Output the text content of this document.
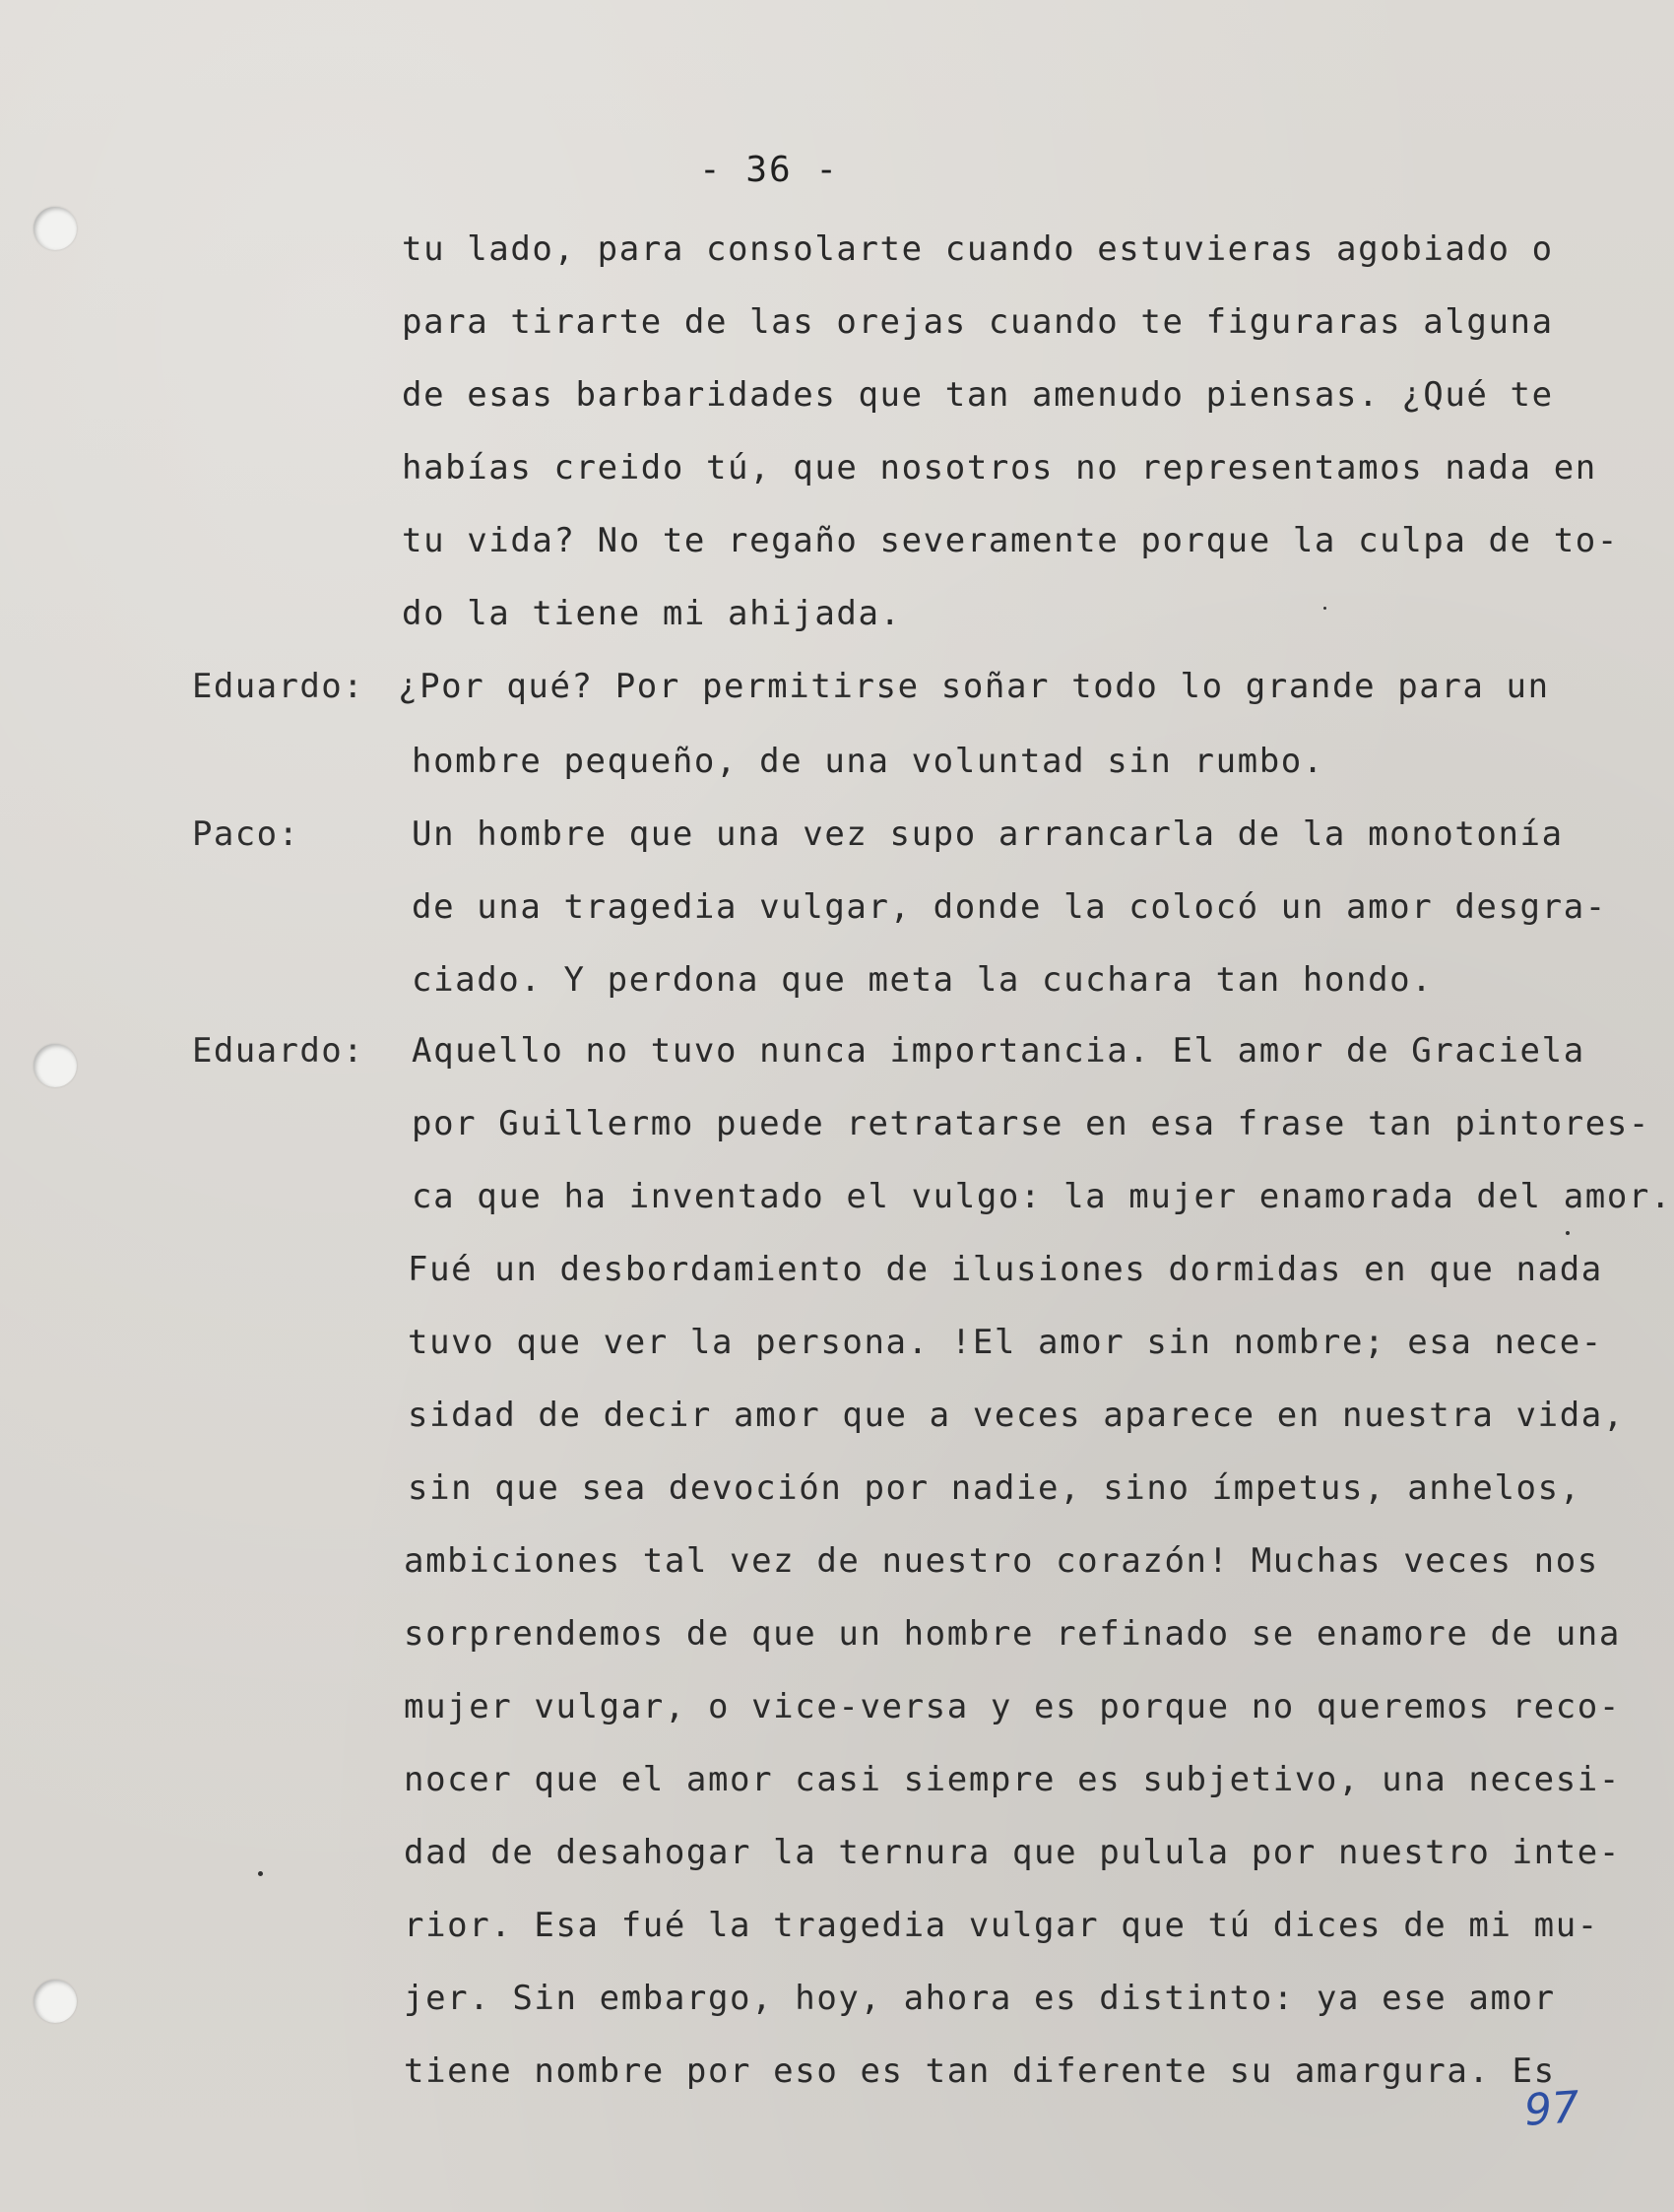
- 36 -
tu lado, para consolarte cuando estuvieras agobiado o
para tirarte de las orejas cuando te figuraras alguna
de esas barbaridades que tan amenudo piensas. ¿Qué te
habías creido tú, que nosotros no representamos nada en
tu vida? No te regaño severamente porque la culpa de to-
do la tiene mi ahijada.
Eduardo: ¿Por qué? Por permitirse soñar todo lo grande para un
hombre pequeño, de una voluntad sin rumbo.
Paco:	Un hombre que una vez supo arrancarla de la monotonía
de una tragedia vulgar, donde la colocó un amor desgra-
ciado. Y perdona que meta la cuchara tan hondo.
Eduardo: Aquello no tuvo nunca importancia. El amor de Graciela
por Guillermo puede retratarse en esa frase tan pintores-
ca que ha inventado el vulgo: la mujer enamorada del amor.
Fué un desbordamiento de ilusiones dormidas en que nada
tuvo que ver la persona. !El amor sin nombre; esa nece-
sidad de decir amor que a veces aparece en nuestra vida,
sin que sea devoción por nadie, sino ímpetus, anhelos,
ambiciones tal vez de nuestro corazón! Muchas veces nos
sorprendemos de que un hombre refinado se enamore de una
mujer vulgar, o vice-versa y es porque no queremos reco-
nocer que el amor casi siempre es subjetivo, una necesi-
dad de desahogar la ternura que pulula por nuestro inte-
rior. Esa fué la tragedia vulgar que tú dices de mi mu-
jer. Sin embargo, hoy, ahora es distinto: ya ese amor
tiene nombre por eso es tan diferente su amargura. Es
97
